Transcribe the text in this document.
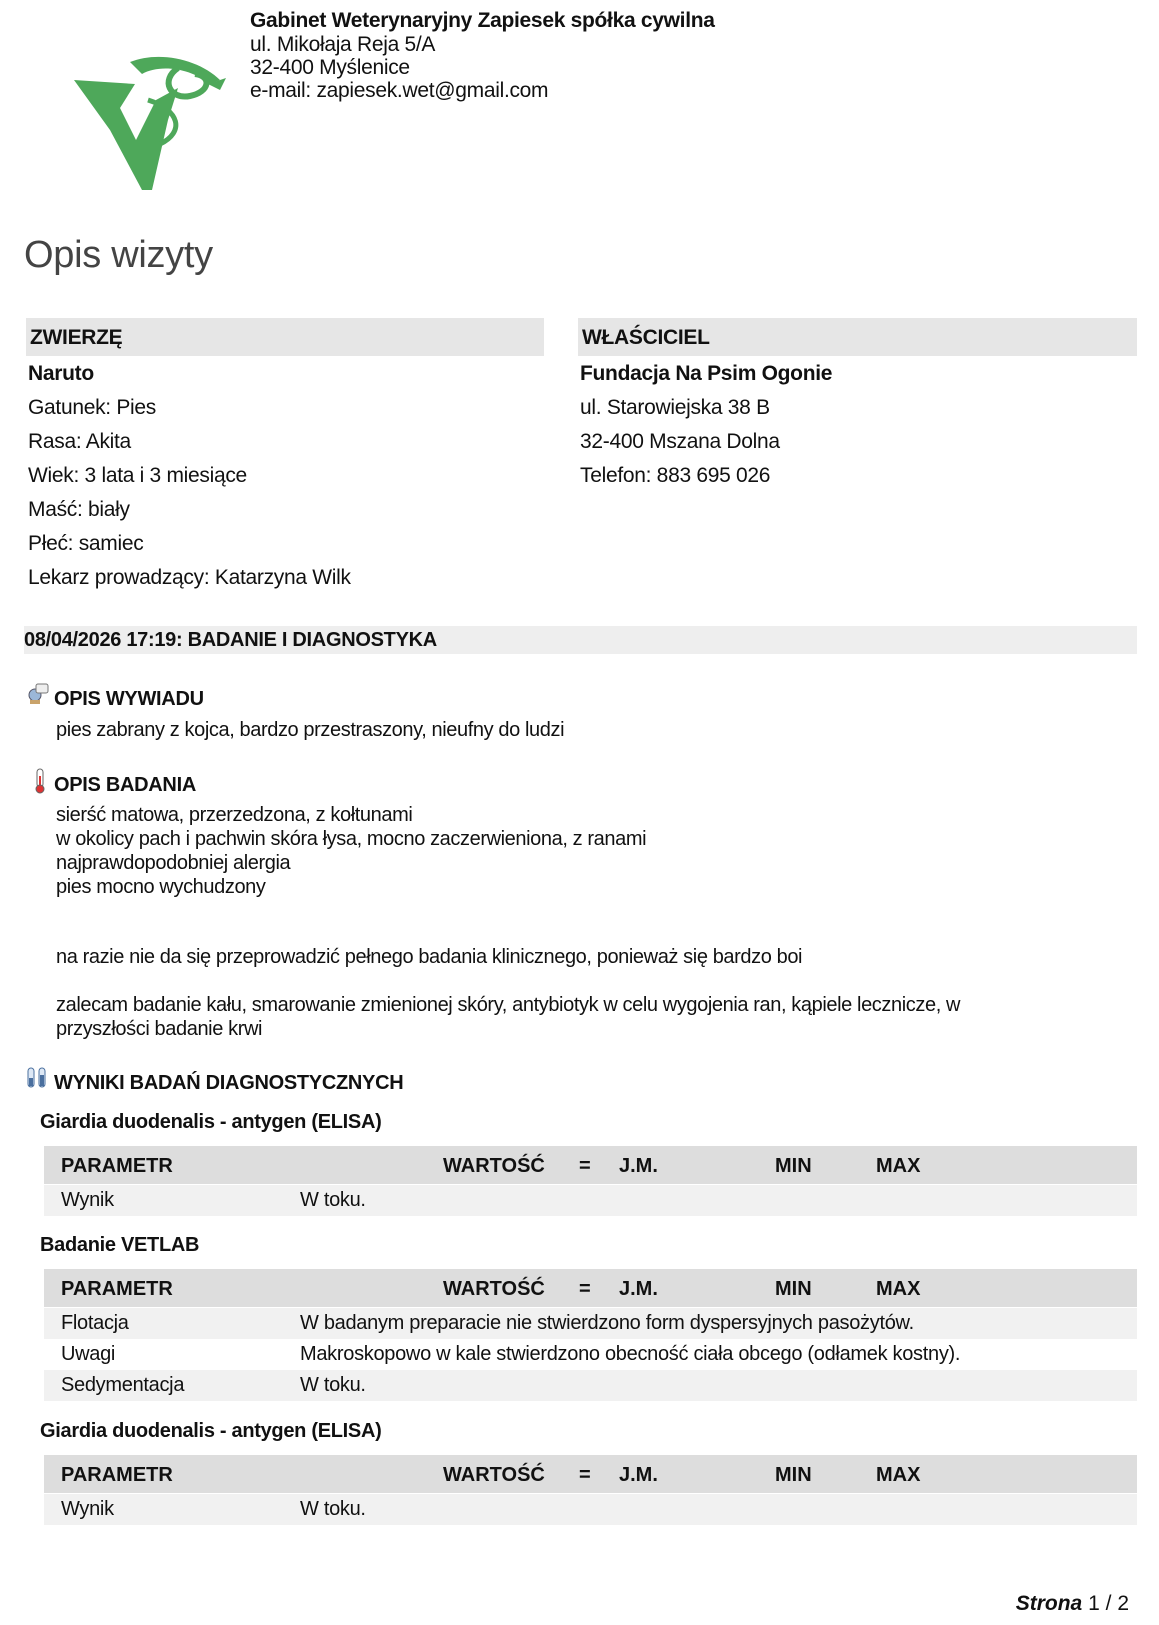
Gabinet Weterynaryjny Zapiesek spółka cywilna
ul. Mikołaja Reja 5/A
32-400 Myślenice
e-mail: zapiesek.wet@gmail.com
Opis wizyty
ZWIERZĘ
Naruto
Gatunek: Pies
Rasa: Akita
Wiek: 3 lata i 3 miesiące
Maść: biały
Płeć: samiec
Lekarz prowadzący: Katarzyna Wilk
WŁAŚCICIEL
Fundacja Na Psim Ogonie
ul. Starowiejska 38 B
32-400 Mszana Dolna
Telefon: 883 695 026
08/04/2026 17:19: BADANIE I DIAGNOSTYKA
OPIS WYWIADU
pies zabrany z kojca, bardzo przestraszony, nieufny do ludzi
OPIS BADANIA
sierść matowa, przerzedzona, z kołtunami
w okolicy pach i pachwin skóra łysa, mocno zaczerwieniona, z ranami
najprawdopodobniej alergia
pies mocno wychudzony
na razie nie da się przeprowadzić pełnego badania klinicznego, ponieważ się bardzo boi
zalecam badanie kału, smarowanie zmienionej skóry, antybiotyk w celu wygojenia ran, kąpiele lecznicze, w
przyszłości badanie krwi
WYNIKI BADAŃ DIAGNOSTYCZNYCH
Giardia duodenalis - antygen (ELISA)
PARAMETR	WARTOŚĆ = J.M.	MIN	MAX
Wynik	W toku.
Badanie VETLAB
PARAMETR	WARTOŚĆ = J.M.	MIN	MAX
Flotacja	W badanym preparacie nie stwierdzono form dyspersyjnych pasożytów.
Uwagi	Makroskopowo w kale stwierdzono obecność ciała obcego (odłamek kostny).
Sedymentacja	W toku.
Giardia duodenalis - antygen (ELISA)
PARAMETR	WARTOŚĆ = J.M.	MIN	MAX
Wynik	W toku.
Strona 1 / 2
